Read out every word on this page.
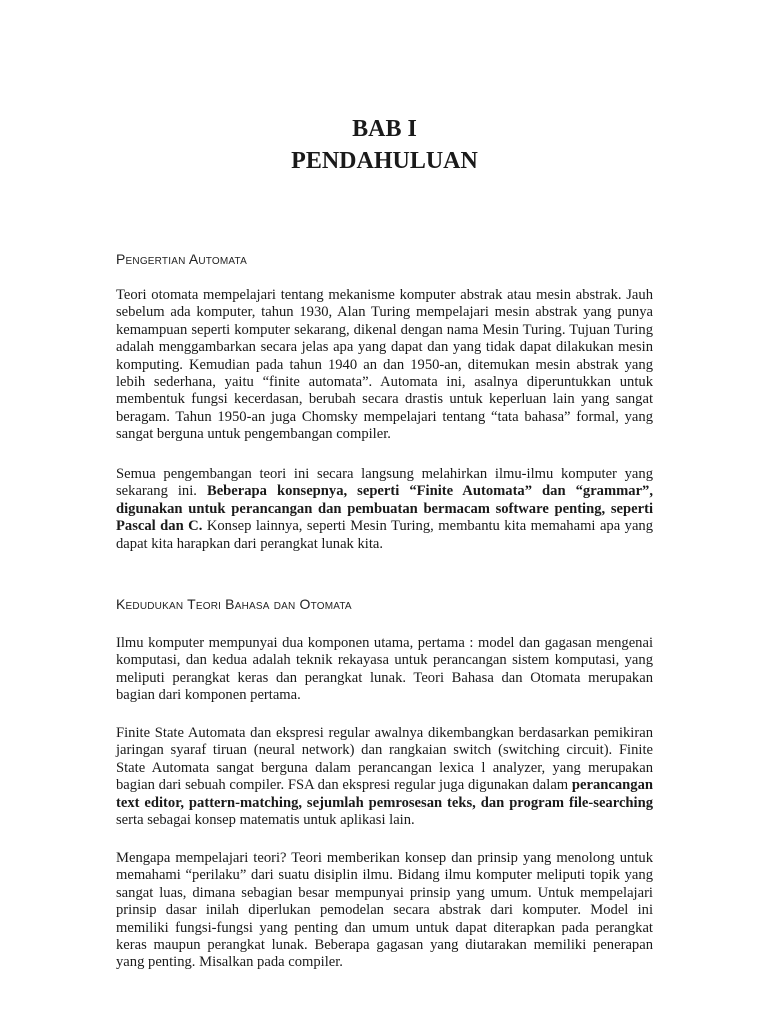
BAB I
PENDAHULUAN
Pengertian Automata

Teori otomata mempelajari tentang mekanisme komputer abstrak atau mesin abstrak. Jauh sebelum ada komputer, tahun 1930, Alan Turing mempelajari mesin abstrak yang punya kemampuan seperti komputer sekarang, dikenal dengan nama Mesin Turing. Tujuan Turing adalah menggambarkan secara jelas apa yang dapat dan yang tidak dapat dilakukan mesin komputing. Kemudian pada tahun 1940 an dan 1950-an, ditemukan mesin abstrak yang lebih sederhana, yaitu “finite automata”. Automata ini, asalnya diperuntukkan untuk membentuk fungsi kecerdasan, berubah secara drastis untuk keperluan lain yang sangat beragam. Tahun 1950-an juga Chomsky mempelajari tentang “tata bahasa” formal, yang sangat berguna untuk pengembangan compiler.

Semua pengembangan teori ini secara langsung melahirkan ilmu-ilmu komputer yang sekarang ini. Beberapa konsepnya, seperti “Finite Automata” dan “grammar”, digunakan untuk perancangan dan pembuatan bermacam software penting, seperti Pascal dan C. Konsep lainnya, seperti Mesin Turing, membantu kita memahami apa yang dapat kita harapkan dari perangkat lunak kita.

Kedudukan Teori Bahasa dan Otomata

Ilmu komputer mempunyai dua komponen utama, pertama : model dan gagasan mengenai komputasi, dan kedua adalah teknik rekayasa untuk perancangan sistem komputasi, yang meliputi perangkat keras dan perangkat lunak. Teori Bahasa dan Otomata merupakan bagian dari komponen pertama.

Finite State Automata dan ekspresi regular awalnya dikembangkan berdasarkan pemikiran jaringan syaraf tiruan (neural network) dan rangkaian switch (switching circuit). Finite State Automata sangat berguna dalam perancangan lexica l analyzer, yang merupakan bagian dari sebuah compiler. FSA dan ekspresi regular juga digunakan dalam perancangan text editor, pattern-matching, sejumlah pemrosesan teks, dan program file-searching serta sebagai konsep matematis untuk aplikasi lain.

Mengapa mempelajari teori? Teori memberikan konsep dan prinsip yang menolong untuk memahami “perilaku” dari suatu disiplin ilmu. Bidang ilmu komputer meliputi topik yang sangat luas, dimana sebagian besar mempunyai prinsip yang umum. Untuk mempelajari prinsip dasar inilah diperlukan pemodelan secara abstrak dari komputer. Model ini memiliki fungsi-fungsi yang penting dan umum untuk dapat diterapkan pada perangkat keras maupun perangkat lunak. Beberapa gagasan yang diutarakan memiliki penerapan yang penting. Misalkan pada compiler.
